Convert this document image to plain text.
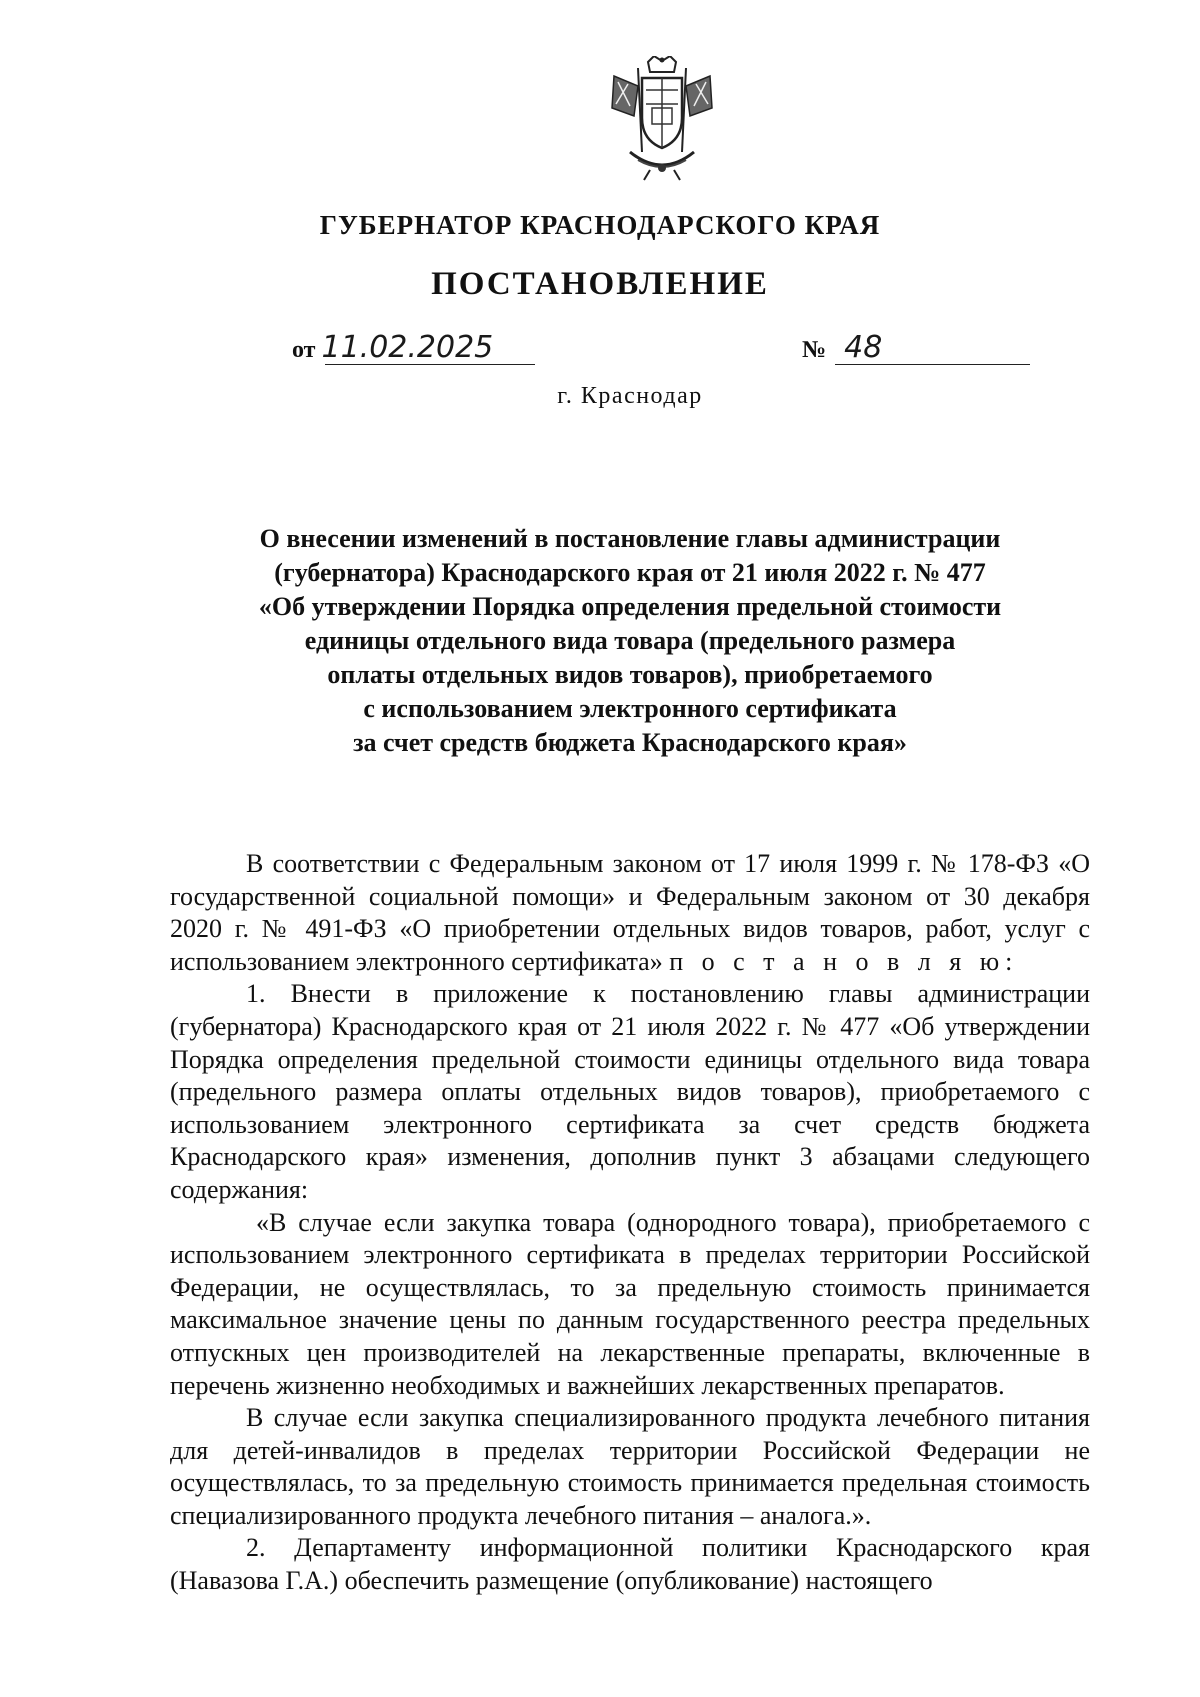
ГУБЕРНАТОР КРАСНОДАРСКОГО КРАЯ
ПОСТАНОВЛЕНИЕ
от 11.02.2025	№ 48
г. Краснодар
О внесении изменений в постановление главы администрации
(губернатора) Краснодарского края от 21 июля 2022 г. № 477
«Об утверждении Порядка определения предельной стоимости
единицы отдельного вида товара (предельного размера
оплаты отдельных видов товаров), приобретаемого
с использованием электронного сертификата
за счет средств бюджета Краснодарского края»

В соответствии с Федеральным законом от 17 июля 1999 г. № 178-ФЗ «О государственной социальной помощи» и Федеральным законом от 30 декабря 2020 г. № 491-ФЗ «О приобретении отдельных видов товаров, работ, услуг с использованием электронного сертификата» п о с т а н о в л я ю:

1. Внести в приложение к постановлению главы администрации (губернатора) Краснодарского края от 21 июля 2022 г. № 477 «Об утверждении Порядка определения предельной стоимости единицы отдельного вида товара (предельного размера оплаты отдельных видов товаров), приобретаемого с использованием электронного сертификата за счет средств бюджета Краснодарского края» изменения, дополнив пункт 3 абзацами следующего содержания:

«В случае если закупка товара (однородного товара), приобретаемого с использованием электронного сертификата в пределах территории Российской Федерации, не осуществлялась, то за предельную стоимость принимается максимальное значение цены по данным государственного реестра предельных отпускных цен производителей на лекарственные препараты, включенные в перечень жизненно необходимых и важнейших лекарственных препаратов.

В случае если закупка специализированного продукта лечебного питания для детей-инвалидов в пределах территории Российской Федерации не осуществлялась, то за предельную стоимость принимается предельная стоимость специализированного продукта лечебного питания – аналога.».

2. Департаменту информационной политики Краснодарского края (Навазова Г.А.) обеспечить размещение (опубликование) настоящего
